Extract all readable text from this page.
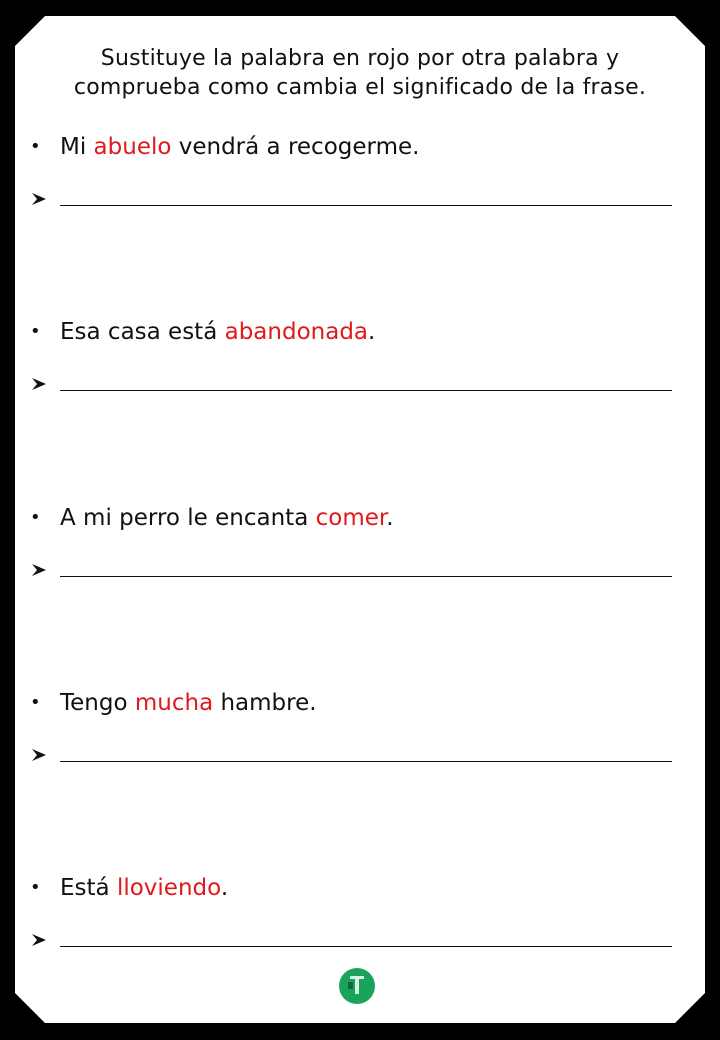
Sustituye la palabra en rojo por otra palabra y
comprueba como cambia el significado de la frase.
• Mi abuelo vendrá a recogerme.
• Esa casa está abandonada.
• A mi perro le encanta comer.
• Tengo mucha hambre.
• Está lloviendo.
